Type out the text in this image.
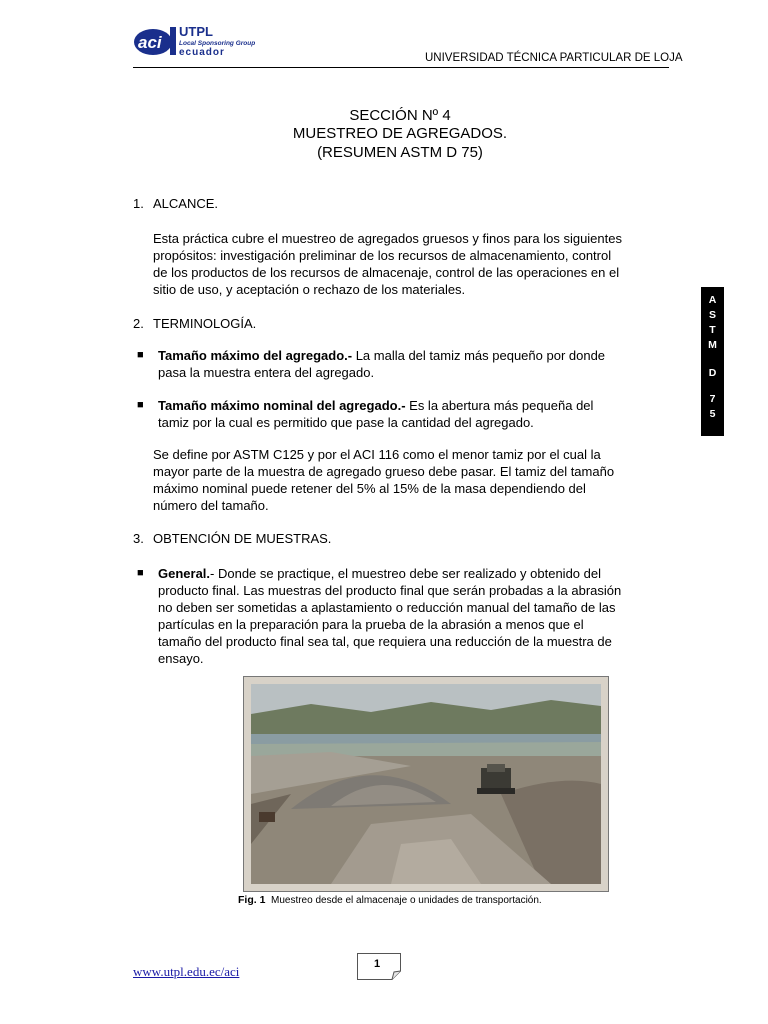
aci
UTPL
Local Sponsoring Group
ecuador	UNIVERSIDAD TÉCNICA PARTICULAR DE LOJA
SECCIÓN Nº 4
MUESTREO DE AGREGADOS.
(RESUMEN ASTM D 75)
1. ALCANCE.
Esta práctica cubre el muestreo de agregados gruesos y finos para los siguientes
propósitos: investigación preliminar de los recursos de almacenamiento, control
de los productos de los recursos de almacenaje, control de las operaciones en el
sitio de uso, y aceptación o rechazo de los materiales.
2. TERMINOLOGÍA.
■ Tamaño máximo del agregado.- La malla del tamiz más pequeño por donde
pasa la muestra entera del agregado.
■ Tamaño máximo nominal del agregado.- Es la abertura más pequeña del
tamiz por la cual es permitido que pase la cantidad del agregado.
Se define por ASTM C125 y por el ACI 116 como el menor tamiz por el cual la
mayor parte de la muestra de agregado grueso debe pasar. El tamiz del tamaño
máximo nominal puede retener del 5% al 15% de la masa dependiendo del
número del tamaño.
3. OBTENCIÓN DE MUESTRAS.
■ General.- Donde se practique, el muestreo debe ser realizado y obtenido del
producto final. Las muestras del producto final que serán probadas a la abrasión
no deben ser sometidas a aplastamiento o reducción manual del tamaño de las
partículas en la preparación para la prueba de la abrasión a menos que el
tamaño del producto final sea tal, que requiera una reducción de la muestra de
ensayo.
A
S
T
M
D
7
5
Fig. 1 Muestreo desde el almacenaje o unidades de transportación.
www.utpl.edu.ec/aci	1
